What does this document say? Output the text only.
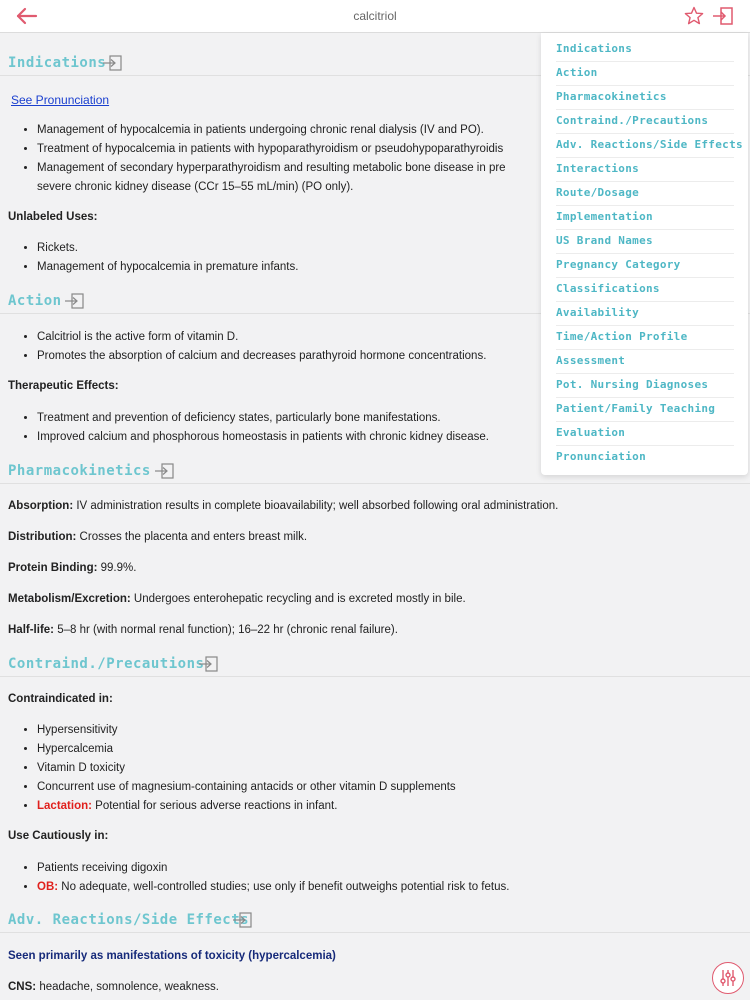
calcitriol
Indications
See Pronunciation
• Management of hypocalcemia in patients undergoing chronic renal dialysis (IV and PO).
• Treatment of hypocalcemia in patients with hypoparathyroidism or pseudohypoparathyroidis
• Management of secondary hyperparathyroidism and resulting metabolic bone disease in pre
severe chronic kidney disease (CCr 15–55 mL/min) (PO only).
Unlabeled Uses:
• Rickets.
• Management of hypocalcemia in premature infants.
Action
• Calcitriol is the active form of vitamin D.
• Promotes the absorption of calcium and decreases parathyroid hormone concentrations.
Therapeutic Effects:
• Treatment and prevention of deficiency states, particularly bone manifestations.
• Improved calcium and phosphorous homeostasis in patients with chronic kidney disease.
Pharmacokinetics
Absorption: IV administration results in complete bioavailability; well absorbed following oral administration.
Distribution: Crosses the placenta and enters breast milk.
Protein Binding: 99.9%.
Metabolism/Excretion: Undergoes enterohepatic recycling and is excreted mostly in bile.
Half-life: 5–8 hr (with normal renal function); 16–22 hr (chronic renal failure).
Contraind./Precautions
Contraindicated in:
• Hypersensitivity
• Hypercalcemia
• Vitamin D toxicity
• Concurrent use of magnesium-containing antacids or other vitamin D supplements
• Lactation: Potential for serious adverse reactions in infant.
Use Cautiously in:
• Patients receiving digoxin
• OB: No adequate, well-controlled studies; use only if benefit outweighs potential risk to fetus.
Adv. Reactions/Side Effects
Seen primarily as manifestations of toxicity (hypercalcemia)
CNS: headache, somnolence, weakness.
Indications
Action
Pharmacokinetics
Contraind./Precautions
Adv. Reactions/Side Effects
Interactions
Route/Dosage
Implementation
US Brand Names
Pregnancy Category
Classifications
Availability
Time/Action Profile
Assessment
Pot. Nursing Diagnoses
Patient/Family Teaching
Evaluation
Pronunciation
